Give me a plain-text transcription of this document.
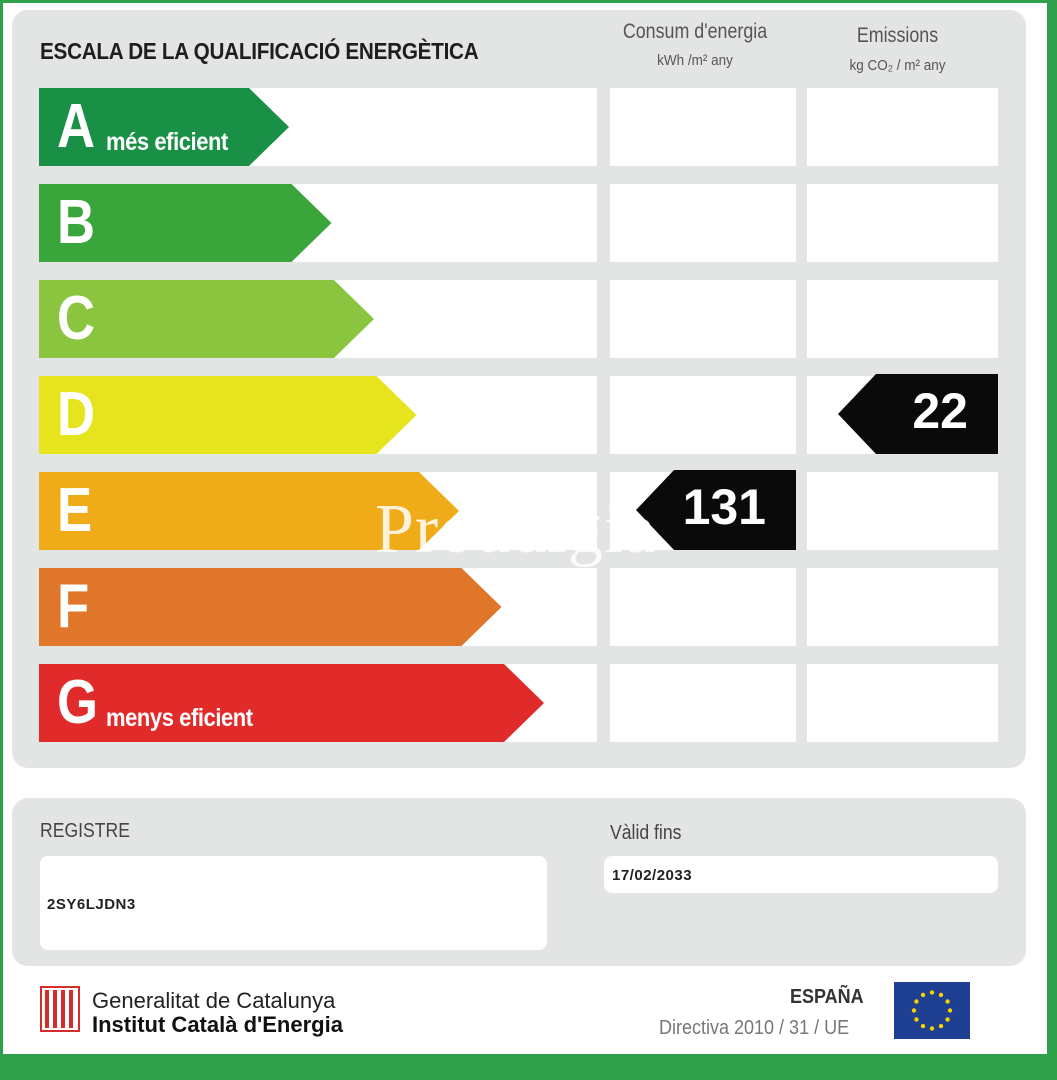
ESCALA DE LA QUALIFICACIÓ ENERGÈTICA
Consum d'energia
kWh /m² any
Emissions
kg CO₂ / m² any
A més eficient
B
C
D
E
F
G menys eficient
131
22
Proudigia
REGISTRE
2SY6LJDN3
Vàlid fins
17/02/2033
Generalitat de Catalunya
Institut Català d'Energia
ESPAÑA
Directiva 2010 / 31 / UE
